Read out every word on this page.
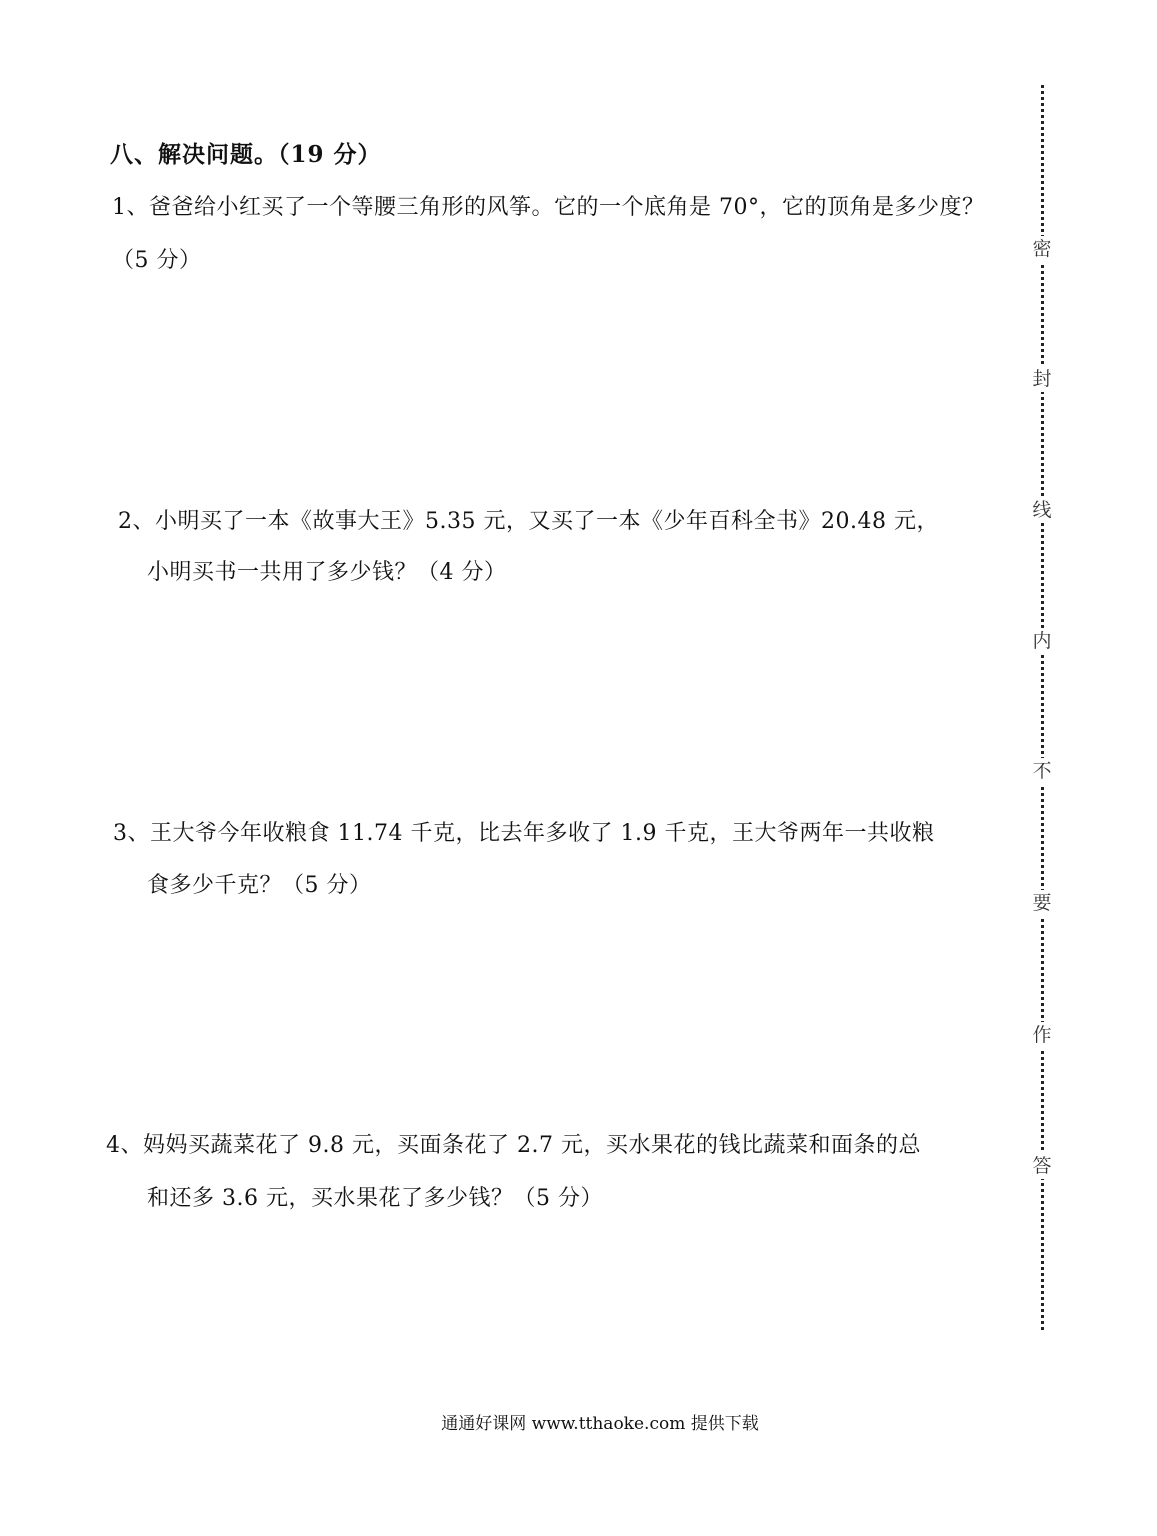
八、解决问题。（19 分）
1、爸爸给小红买了一个等腰三角形的风筝。它的一个底角是 70°，它的顶角是多少度？
（5 分）
2、小明买了一本《故事大王》5.35 元，又买了一本《少年百科全书》20.48 元，
小明买书一共用了多少钱？（4 分）
3、王大爷今年收粮食 11.74 千克，比去年多收了 1.9 千克，王大爷两年一共收粮
食多少千克？（5 分）
4、妈妈买蔬菜花了 9.8 元，买面条花了 2.7 元，买水果花的钱比蔬菜和面条的总
和还多 3.6 元，买水果花了多少钱？（5 分）
密
封
线
内
不
要
作
答
通通好课网 www.tthaoke.com 提供下载
